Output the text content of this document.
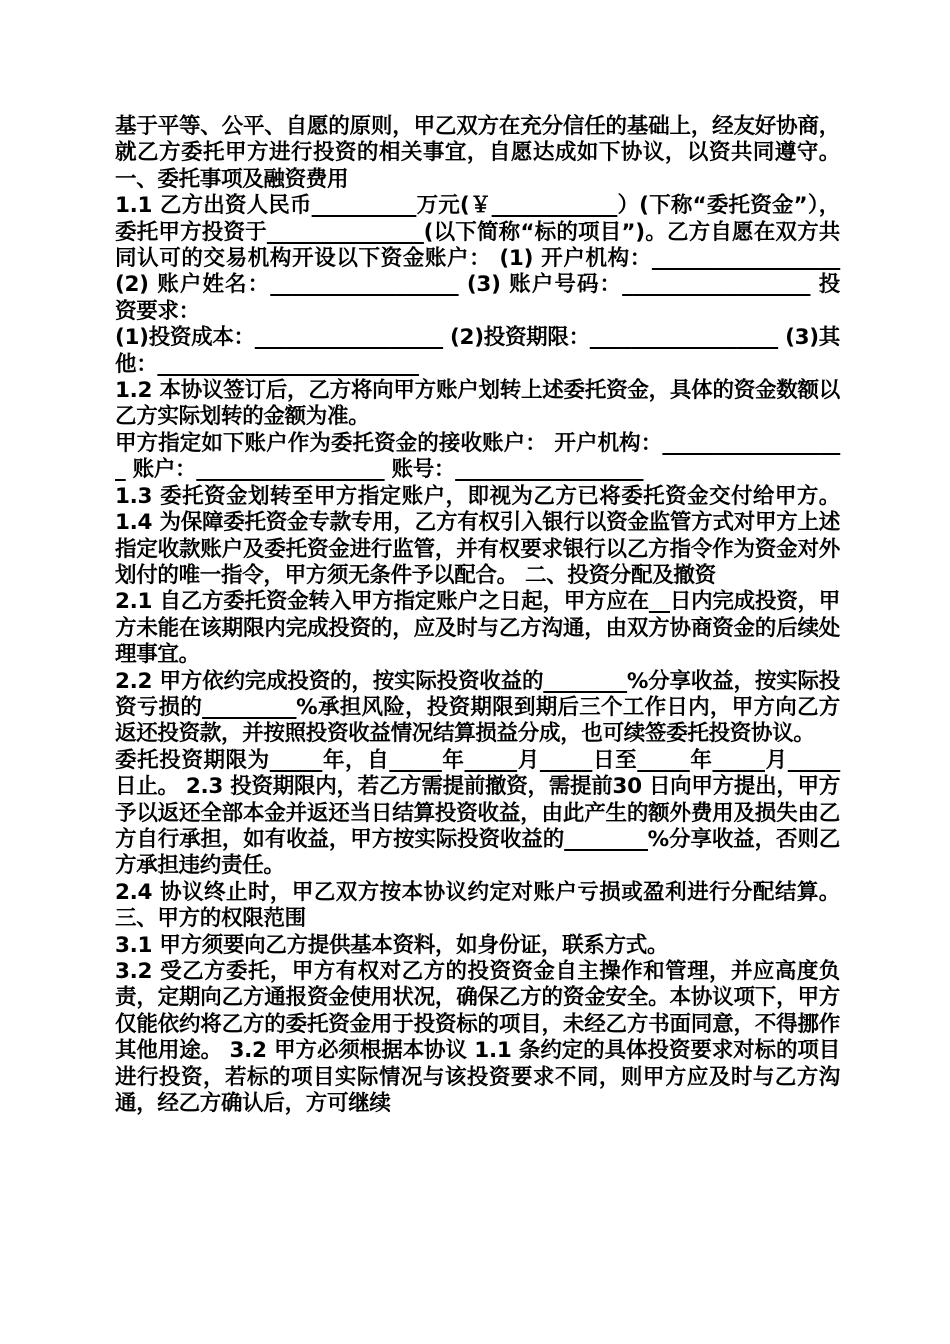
基于平等、公平、自愿的原则，甲乙双方在充分信任的基础上，经友好协商，就乙方委托甲方进行投资的相关事宜，自愿达成如下协议，以资共同遵守。 一、委托事项及融资费用

1.1 乙方出资人民币__________万元(￥____________）(下称“委托资金”），委托甲方投资于_______________(以下简称“标的项目”)。乙方自愿在双方共同认可的交易机构开设以下资金账户： (1) 开户机构：__________________ (2) 账户姓名：__________________ (3) 账户号码：__________________ 投资要求：

(1)投资成本：__________________ (2)投资期限：__________________ (3)其他：_________________________

1.2 本协议签订后，乙方将向甲方账户划转上述委托资金，具体的资金数额以乙方实际划转的金额为准。

甲方指定如下账户作为委托资金的接收账户： 开户机构：__________________ 账户：__________________ 账号：__________________

1.3 委托资金划转至甲方指定账户，即视为乙方已将委托资金交付给甲方。 1.4 为保障委托资金专款专用，乙方有权引入银行以资金监管方式对甲方上述指定收款账户及委托资金进行监管，并有权要求银行以乙方指令作为资金对外划付的唯一指令，甲方须无条件予以配合。 二、投资分配及撤资

2.1 自乙方委托资金转入甲方指定账户之日起，甲方应在__日内完成投资，甲方未能在该期限内完成投资的，应及时与乙方沟通，由双方协商资金的后续处理事宜。

2.2 甲方依约完成投资的，按实际投资收益的________%分享收益，按实际投资亏损的_________%承担风险，投资期限到期后三个工作日内，甲方向乙方返还投资款，并按照投资收益情况结算损益分成，也可续签委托投资协议。

委托投资期限为_____年，自_____年_____月_____日至_____年_____月_____日止。 2.3 投资期限内，若乙方需提前撤资，需提前30 日向甲方提出，甲方予以返还全部本金并返还当日结算投资收益，由此产生的额外费用及损失由乙方自行承担，如有收益，甲方按实际投资收益的________%分享收益，否则乙方承担违约责任。

2.4 协议终止时，甲乙双方按本协议约定对账户亏损或盈利进行分配结算。 三、甲方的权限范围

3.1 甲方须要向乙方提供基本资料，如身份证，联系方式。

3.2 受乙方委托，甲方有权对乙方的投资资金自主操作和管理，并应高度负责，定期向乙方通报资金使用状况，确保乙方的资金安全。本协议项下，甲方仅能依约将乙方的委托资金用于投资标的项目，未经乙方书面同意，不得挪作其他用途。 3.2 甲方必须根据本协议 1.1 条约定的具体投资要求对标的项目进行投资，若标的项目实际情况与该投资要求不同，则甲方应及时与乙方沟通，经乙方确认后，方可继续
